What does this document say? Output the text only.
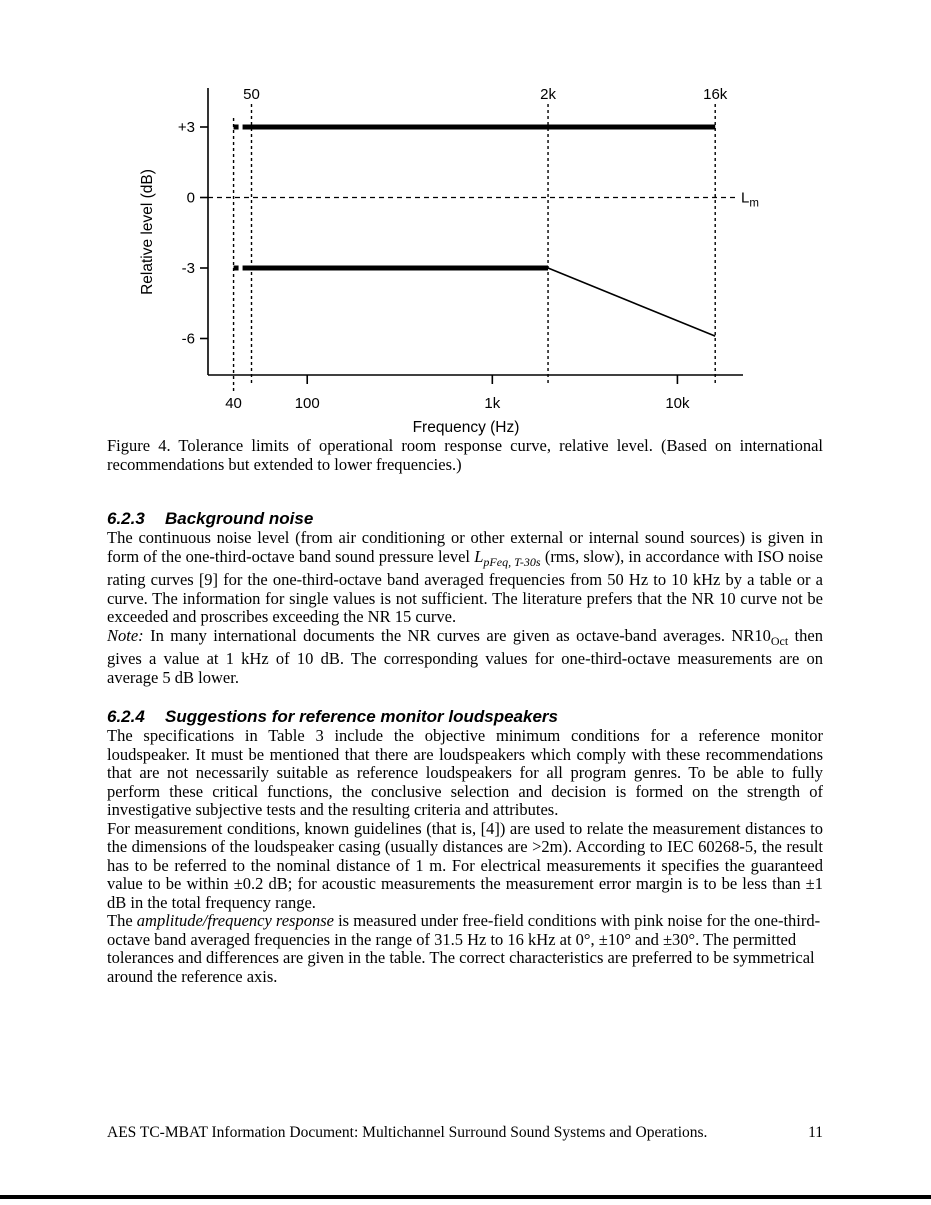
+3
0
-3
-6
100	1k	10k
40
50	2k	16k
$L_m$
Frequency (Hz)
Relative level (dB)

Figure 4. Tolerance limits of operational room response curve, relative level. (Based on international recommendations but extended to lower frequencies.)

6.2.3	Background noise

The continuous noise level (from air conditioning or other external or internal sound sources) is given in form of the one-third-octave band sound pressure level $L_{pFeq, T-30s}$ (rms, slow), in accordance with ISO noise rating curves [9] for the one-third-octave band averaged frequencies from 50 Hz to 10 kHz by a table or a curve. The information for single values is not sufficient. The literature prefers that the NR 10 curve not be exceeded and proscribes exceeding the NR 15 curve.

Note: In many international documents the NR curves are given as octave-band averages. $NR10_{Oct}$ then gives a value at 1 kHz of 10 dB. The corresponding values for one-third-octave measurements are on average 5 dB lower.

6.2.4	Suggestions for reference monitor loudspeakers

The specifications in Table 3 include the objective minimum conditions for a reference monitor loudspeaker. It must be mentioned that there are loudspeakers which comply with these recommendations that are not necessarily suitable as reference loudspeakers for all program genres. To be able to fully perform these critical functions, the conclusive selection and decision is formed on the strength of investigative subjective tests and the resulting criteria and attributes.

For measurement conditions, known guidelines (that is, [4]) are used to relate the measurement distances to the dimensions of the loudspeaker casing (usually distances are >2m). According to IEC 60268-5, the result has to be referred to the nominal distance of 1 m. For electrical measurements it specifies the guaranteed value to be within ±0.2 dB; for acoustic measurements the measurement error margin is to be less than ±1 dB in the total frequency range.

The amplitude/frequency response is measured under free-field conditions with pink noise for the one-third-octave band averaged frequencies in the range of 31.5 Hz to 16 kHz at 0°, ±10° and ±30°. The permitted tolerances and differences are given in the table. The correct characteristics are preferred to be symmetrical around the reference axis.

AES TC-MBAT Information Document: Multichannel Surround Sound Systems and Operations.	11
